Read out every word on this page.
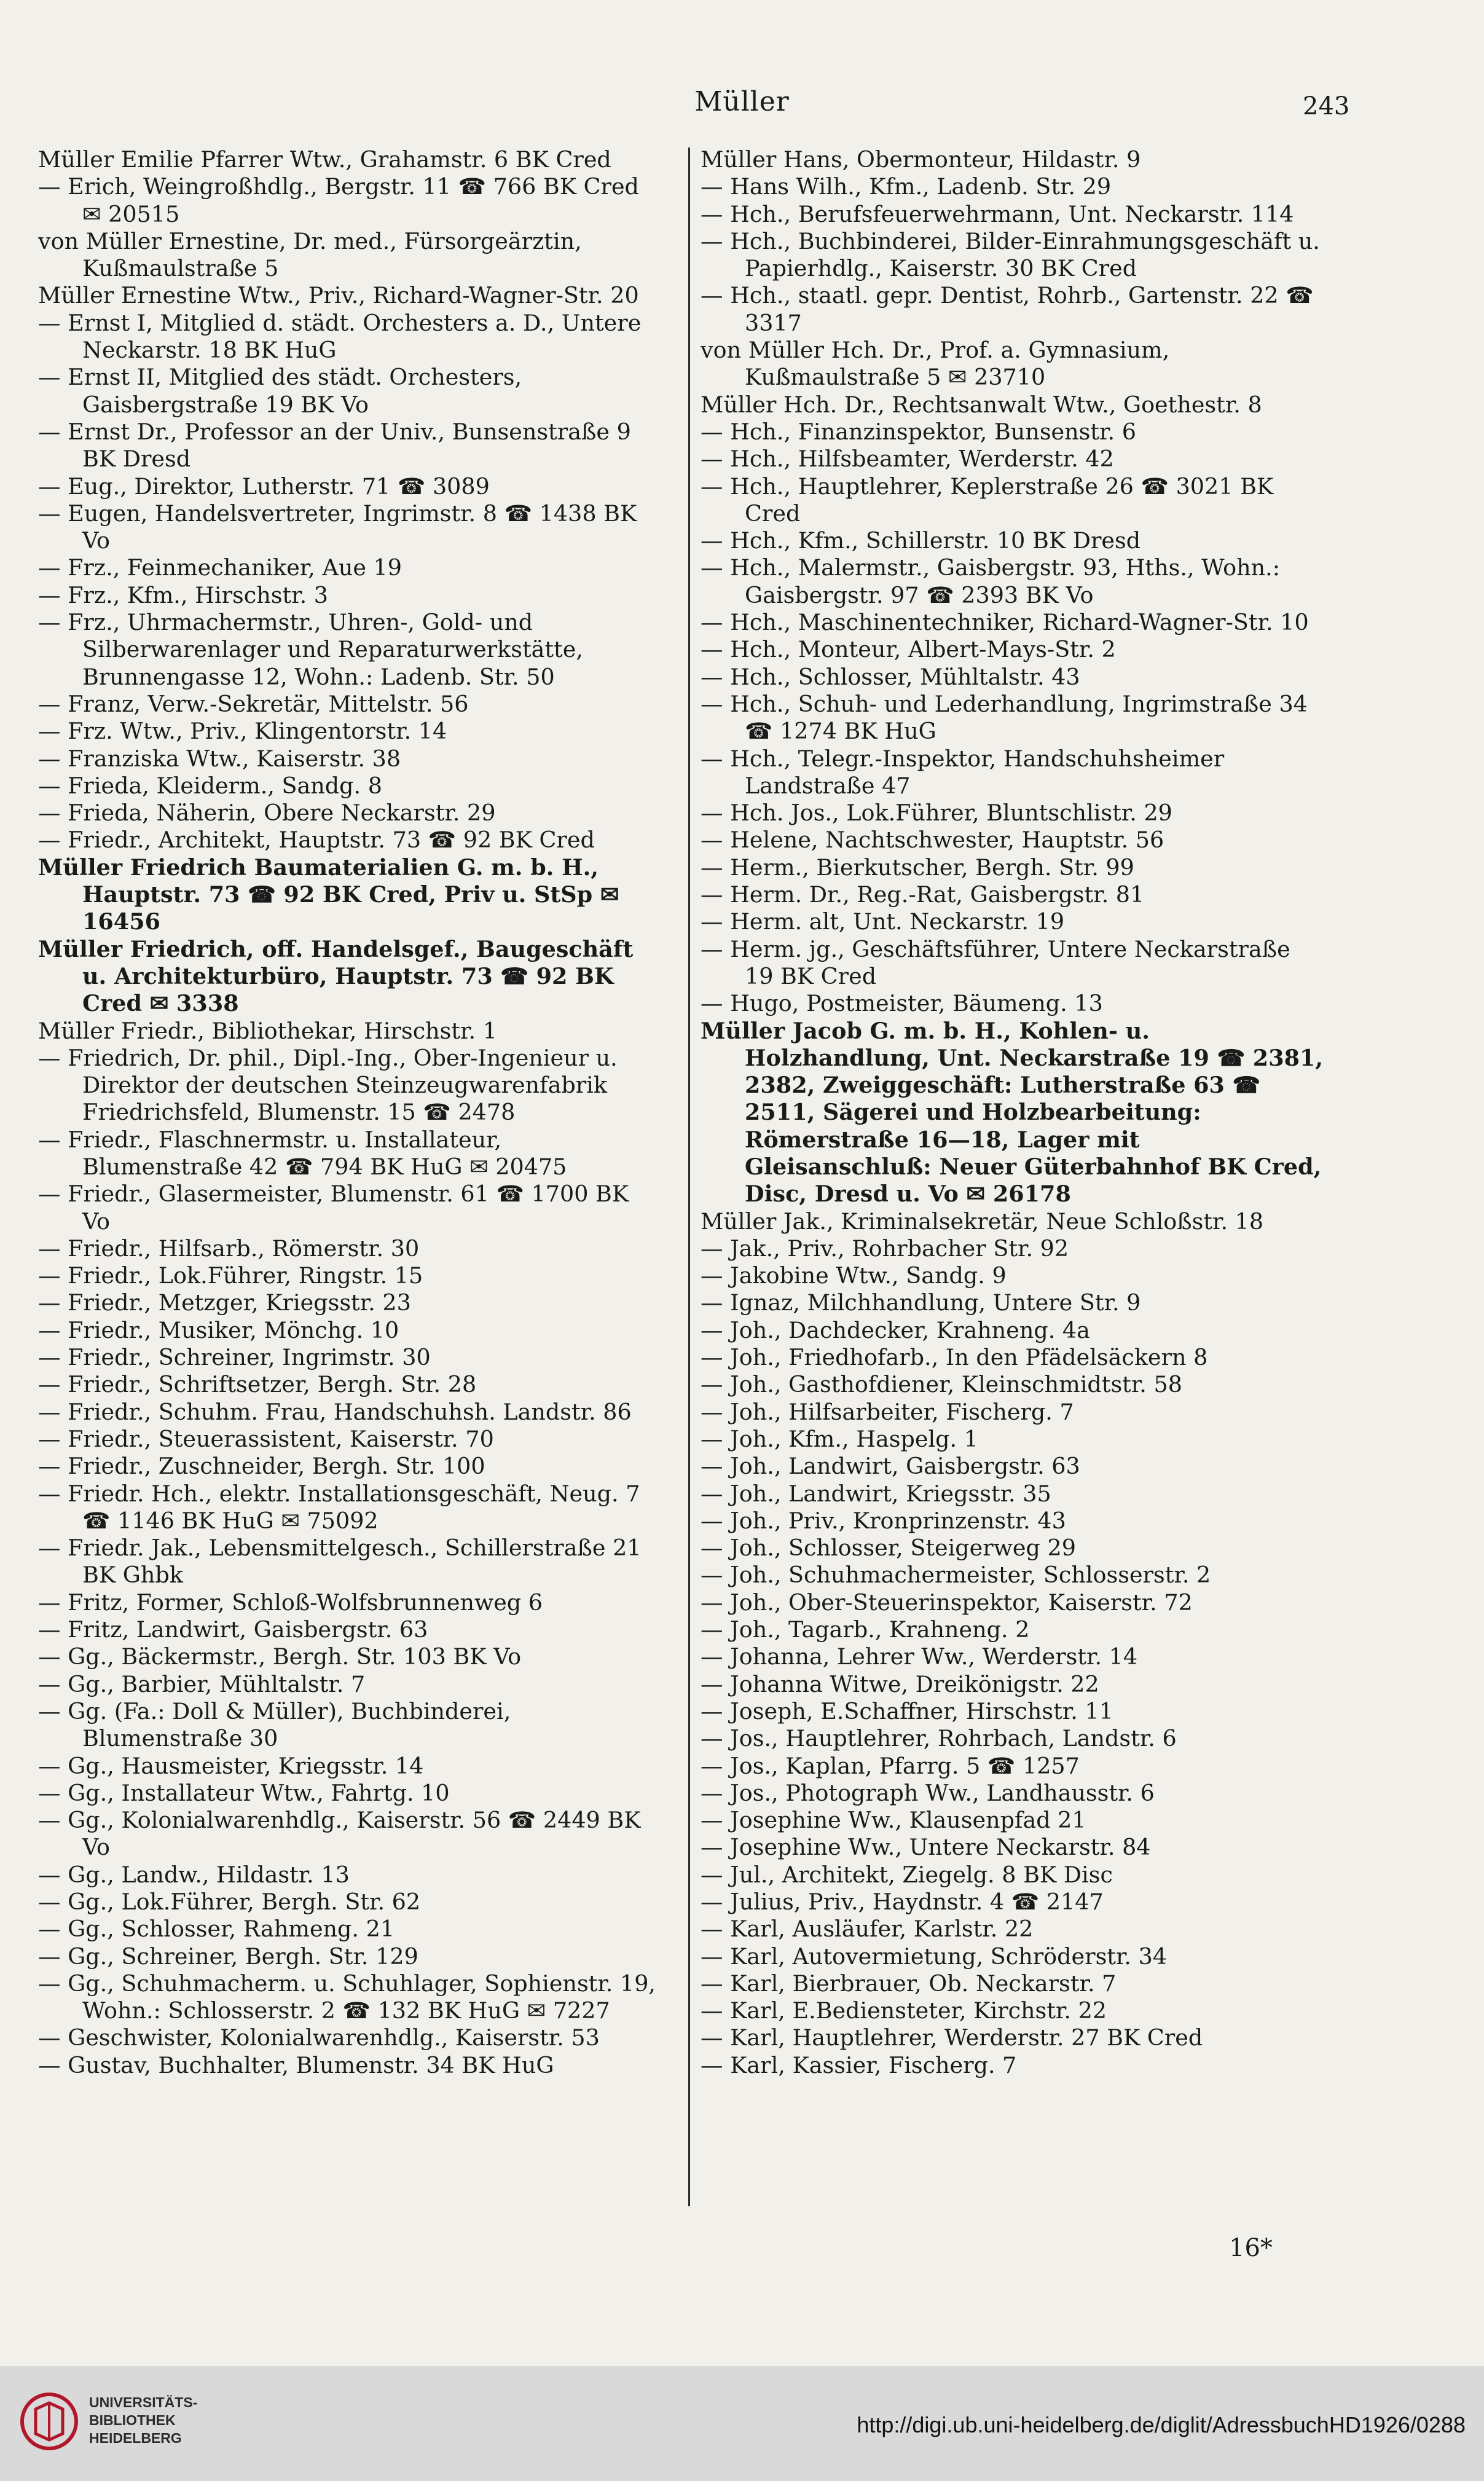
Müller	243

Müller Emilie Pfarrer Wtw., Grahamstr. 6 BK Cred

— Erich, Weingroßhdlg., Bergstr. 11 ☎ 766 BK Cred ✉ 20515

von Müller Ernestine, Dr. med., Fürsorgeärztin, Kußmaulstraße 5

Müller Ernestine Wtw., Priv., Richard-Wagner-Str. 20

— Ernst I, Mitglied d. städt. Orchesters a. D., Untere Neckarstr. 18 BK HuG

— Ernst II, Mitglied des städt. Orchesters, Gaisbergstraße 19 BK Vo

— Ernst Dr., Professor an der Univ., Bunsenstraße 9 BK Dresd

— Eug., Direktor, Lutherstr. 71 ☎ 3089

— Eugen, Handelsvertreter, Ingrimstr. 8 ☎ 1438 BK Vo

— Frz., Feinmechaniker, Aue 19

— Frz., Kfm., Hirschstr. 3

— Frz., Uhrmachermstr., Uhren-, Gold- und Silberwarenlager und Reparaturwerkstätte, Brunnengasse 12, Wohn.: Ladenb. Str. 50

— Franz, Verw.-Sekretär, Mittelstr. 56

— Frz. Wtw., Priv., Klingentorstr. 14

— Franziska Wtw., Kaiserstr. 38

— Frieda, Kleiderm., Sandg. 8

— Frieda, Näherin, Obere Neckarstr. 29

— Friedr., Architekt, Hauptstr. 73 ☎ 92 BK Cred

Müller Friedrich Baumaterialien G. m. b. H., Hauptstr. 73 ☎ 92 BK Cred, Priv u. StSp ✉ 16456

Müller Friedrich, off. Handelsgef., Baugeschäft u. Architekturbüro, Hauptstr. 73 ☎ 92 BK Cred ✉ 3338

Müller Friedr., Bibliothekar, Hirschstr. 1

— Friedrich, Dr. phil., Dipl.-Ing., Ober-Ingenieur u. Direktor der deutschen Steinzeugwarenfabrik Friedrichsfeld, Blumenstr. 15 ☎ 2478

— Friedr., Flaschnermstr. u. Installateur, Blumenstraße 42 ☎ 794 BK HuG ✉ 20475

— Friedr., Glasermeister, Blumenstr. 61 ☎ 1700 BK Vo

— Friedr., Hilfsarb., Römerstr. 30

— Friedr., Lok.Führer, Ringstr. 15

— Friedr., Metzger, Kriegsstr. 23

— Friedr., Musiker, Mönchg. 10

— Friedr., Schreiner, Ingrimstr. 30

— Friedr., Schriftsetzer, Bergh. Str. 28

— Friedr., Schuhm. Frau, Handschuhsh. Landstr. 86

— Friedr., Steuerassistent, Kaiserstr. 70

— Friedr., Zuschneider, Bergh. Str. 100

— Friedr. Hch., elektr. Installationsgeschäft, Neug. 7 ☎ 1146 BK HuG ✉ 75092

— Friedr. Jak., Lebensmittelgesch., Schillerstraße 21 BK Ghbk

— Fritz, Former, Schloß-Wolfsbrunnenweg 6

— Fritz, Landwirt, Gaisbergstr. 63

— Gg., Bäckermstr., Bergh. Str. 103 BK Vo

— Gg., Barbier, Mühltalstr. 7

— Gg. (Fa.: Doll & Müller), Buchbinderei, Blumenstraße 30

— Gg., Hausmeister, Kriegsstr. 14

— Gg., Installateur Wtw., Fahrtg. 10

— Gg., Kolonialwarenhdlg., Kaiserstr. 56 ☎ 2449 BK Vo

— Gg., Landw., Hildastr. 13

— Gg., Lok.Führer, Bergh. Str. 62

— Gg., Schlosser, Rahmeng. 21

— Gg., Schreiner, Bergh. Str. 129

— Gg., Schuhmacherm. u. Schuhlager, Sophienstr. 19, Wohn.: Schlosserstr. 2 ☎ 132 BK HuG ✉ 7227

— Geschwister, Kolonialwarenhdlg., Kaiserstr. 53

— Gustav, Buchhalter, Blumenstr. 34 BK HuG

Müller Hans, Obermonteur, Hildastr. 9

— Hans Wilh., Kfm., Ladenb. Str. 29

— Hch., Berufsfeuerwehrmann, Unt. Neckarstr. 114

— Hch., Buchbinderei, Bilder-Einrahmungsgeschäft u. Papierhdlg., Kaiserstr. 30 BK Cred

— Hch., staatl. gepr. Dentist, Rohrb., Gartenstr. 22 ☎ 3317

von Müller Hch. Dr., Prof. a. Gymnasium, Kußmaulstraße 5 ✉ 23710

Müller Hch. Dr., Rechtsanwalt Wtw., Goethestr. 8

— Hch., Finanzinspektor, Bunsenstr. 6

— Hch., Hilfsbeamter, Werderstr. 42

— Hch., Hauptlehrer, Keplerstraße 26 ☎ 3021 BK Cred

— Hch., Kfm., Schillerstr. 10 BK Dresd

— Hch., Malermstr., Gaisbergstr. 93, Hths., Wohn.: Gaisbergstr. 97 ☎ 2393 BK Vo

— Hch., Maschinentechniker, Richard-Wagner-Str. 10

— Hch., Monteur, Albert-Mays-Str. 2

— Hch., Schlosser, Mühltalstr. 43

— Hch., Schuh- und Lederhandlung, Ingrimstraße 34 ☎ 1274 BK HuG

— Hch., Telegr.-Inspektor, Handschuhsheimer Landstraße 47

— Hch. Jos., Lok.Führer, Bluntschlistr. 29

— Helene, Nachtschwester, Hauptstr. 56

— Herm., Bierkutscher, Bergh. Str. 99

— Herm. Dr., Reg.-Rat, Gaisbergstr. 81

— Herm. alt, Unt. Neckarstr. 19

— Herm. jg., Geschäftsführer, Untere Neckarstraße 19 BK Cred

— Hugo, Postmeister, Bäumeng. 13

Müller Jacob G. m. b. H., Kohlen- u. Holzhandlung, Unt. Neckarstraße 19 ☎ 2381, 2382, Zweiggeschäft: Lutherstraße 63 ☎ 2511, Sägerei und Holzbearbeitung: Römerstraße 16—18, Lager mit Gleisanschluß: Neuer Güterbahnhof BK Cred, Disc, Dresd u. Vo ✉ 26178

Müller Jak., Kriminalsekretär, Neue Schloßstr. 18

— Jak., Priv., Rohrbacher Str. 92

— Jakobine Wtw., Sandg. 9

— Ignaz, Milchhandlung, Untere Str. 9

— Joh., Dachdecker, Krahneng. 4a

— Joh., Friedhofarb., In den Pfädelsäckern 8

— Joh., Gasthofdiener, Kleinschmidtstr. 58

— Joh., Hilfsarbeiter, Fischerg. 7

— Joh., Kfm., Haspelg. 1

— Joh., Landwirt, Gaisbergstr. 63

— Joh., Landwirt, Kriegsstr. 35

— Joh., Priv., Kronprinzenstr. 43

— Joh., Schlosser, Steigerweg 29

— Joh., Schuhmachermeister, Schlosserstr. 2

— Joh., Ober-Steuerinspektor, Kaiserstr. 72

— Joh., Tagarb., Krahneng. 2

— Johanna, Lehrer Ww., Werderstr. 14

— Johanna Witwe, Dreikönigstr. 22

— Joseph, E.Schaffner, Hirschstr. 11

— Jos., Hauptlehrer, Rohrbach, Landstr. 6

— Jos., Kaplan, Pfarrg. 5 ☎ 1257

— Jos., Photograph Ww., Landhausstr. 6

— Josephine Ww., Klausenpfad 21

— Josephine Ww., Untere Neckarstr. 84

— Jul., Architekt, Ziegelg. 8 BK Disc

— Julius, Priv., Haydnstr. 4 ☎ 2147

— Karl, Ausläufer, Karlstr. 22

— Karl, Autovermietung, Schröderstr. 34

— Karl, Bierbrauer, Ob. Neckarstr. 7

— Karl, E.Bediensteter, Kirchstr. 22

— Karl, Hauptlehrer, Werderstr. 27 BK Cred

— Karl, Kassier, Fischerg. 7

16*
UNIVERSITÄTS-
BIBLIOTHEK
HEIDELBERG
http://digi.ub.uni-heidelberg.de/diglit/AdressbuchHD1926/0288
